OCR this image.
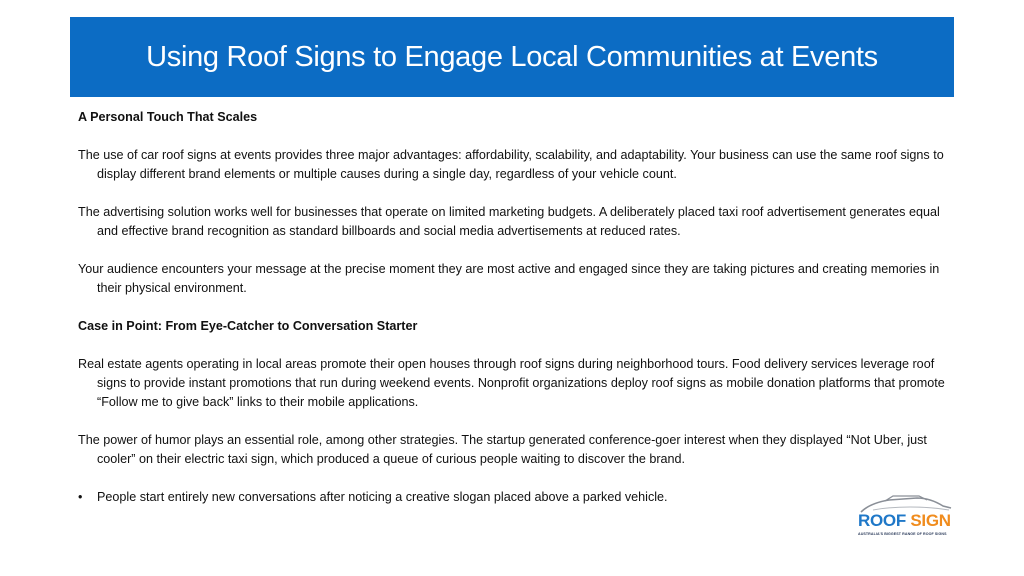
Using Roof Signs to Engage Local Communities at Events

A Personal Touch That Scales

The use of car roof signs at events provides three major advantages: affordability, scalability, and adaptability. Your business can use the same roof signs to display different brand elements or multiple causes during a single day, regardless of your vehicle count.

The advertising solution works well for businesses that operate on limited marketing budgets. A deliberately placed taxi roof advertisement generates equal and effective brand recognition as standard billboards and social media advertisements at reduced rates.

Your audience encounters your message at the precise moment they are most active and engaged since they are taking pictures and creating memories in their physical environment.

Case in Point: From Eye-Catcher to Conversation Starter

Real estate agents operating in local areas promote their open houses through roof signs during neighborhood tours. Food delivery services leverage roof signs to provide instant promotions that run during weekend events. Nonprofit organizations deploy roof signs as mobile donation platforms that promote “Follow me to give back” links to their mobile applications.

The power of humor plays an essential role, among other strategies. The startup generated conference-goer interest when they displayed “Not Uber, just cooler” on their electric taxi sign, which produced a queue of curious people waiting to discover the brand.

• People start entirely new conversations after noticing a creative slogan placed above a parked vehicle.
ROOF SIGN
AUSTRALIA'S BIGGEST RANGE OF ROOF SIGNS
